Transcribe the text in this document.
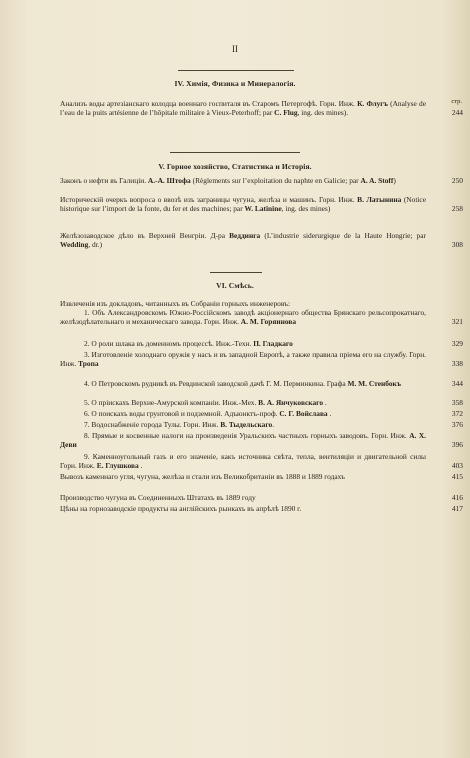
II
IV. Химія, Физика и Минералогія.
стр.
Анализъ воды артезіанскаго колодца военнаго госпиталя въ Старомъ Петергофѣ. Горн. Инж. К. Флугъ (Analyse de l’eau de la puits artésienne de l’hôpitale militaire à Vieux-Peterhoff; par C. Flug, ing. des mines).	244
V. Горное хозяйство, Статистика и Исторія.
Законъ о нефти въ Галиціи. А.-А. Штофа (Règlements sur l’exploitation du naphte en Galicie; par A. A. Stoff)	250
Историческій очеркъ вопроса о ввозѣ изъ заграницы чугуна, желѣза и машинъ. Горн. Инж. В. Латынина (Notice historique sur l’import de la fonte, du fer et des machines; par W. Latinine, ing. des mines)	258
Желѣзозаводское дѣло въ Верхней Венгріи. Д-ра Веддинга (L’industrie siderurgique de la Haute Hongrie; par Wedding, dr.)	308
VI. Смѣсь.
Извлеченія изъ докладовъ, читанныхъ въ Собраніи горныхъ инженеровъ:
1. Объ Александровскомъ Южно-Россійскомъ заводѣ акціонернаго общества Брянскаго рельсопрокатнаго, желѣзодѣлательнаго и механическаго завода. Горн. Инж. А. М. Горяинова	321
2. О роли шлака въ доменномъ процессѣ. Инж.-Техн. П. Гладкаго	329
3. Изготовленіе холоднаго оружія у насъ и въ западной Европѣ, а также правила пріема его на службу. Горн. Инж. Тропа	338
4. О Петровскомъ рудникѣ въ Ревдинской заводской дачѣ Г. М. Перминкина. Графа М. М. Стенбокъ	344
5. О пріискахъ Верхне-Амурской компаніи. Инж.-Мех. В. А. Янчуковскаго .	358
6. О поискахъ воды грунтовой и подземной. Адъюнктъ-проф. С. Г. Войслава .	372
7. Водоснабженіе города Тулы. Горн. Инж. В. Тыдельскаго.	376
8. Прямые и косвенные налоги на произведенія Уральскихъ частныхъ горныхъ заводовъ. Горн. Инж. А. Х. Деви	396
9. Каменноугольный газъ и его значеніе, какъ источника свѣта, тепла, вентиляціи и двигательной силы Горн. Инж. Е. Глушкова .	403
Вывозъ каменнаго угля, чугуна, желѣза и стали изъ Великобританіи въ 1888 и 1889 годахъ	415
Производство чугуна въ Соединенныхъ Штатахъ въ 1889 году	416
Цѣны на горнозаводскіе продукты на англійскихъ рынкахъ въ апрѣлѣ 1890 г.	417
